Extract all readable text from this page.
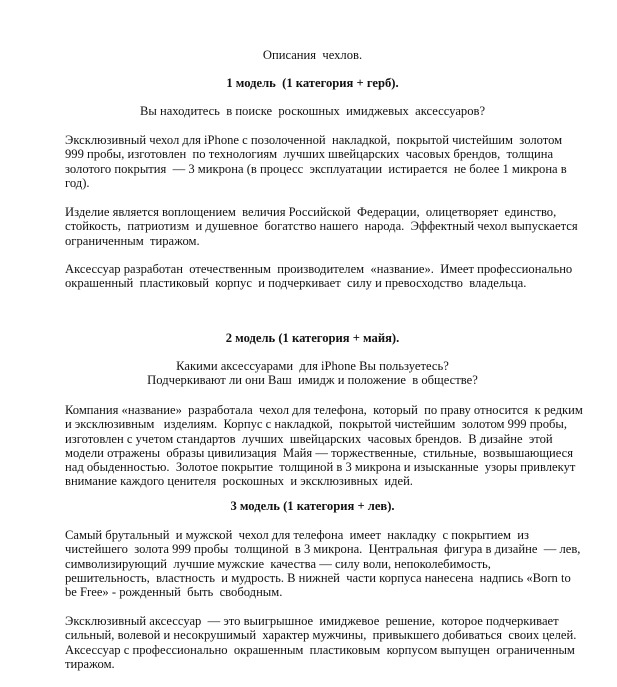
Описания  чехлов.
1 модель  (1 категория + герб).
Вы находитесь  в поиске  роскошных  имиджевых  аксессуаров?
Эксклюзивный чехол для iPhone с позолоченной  накладкой,  покрытой чистейшим  золотом
999 пробы, изготовлен  по технологиям  лучших швейцарских  часовых брендов,  толщина
золотого покрытия  — 3 микрона (в процесс  эксплуатации  истирается  не более 1 микрона в
год).
Изделие является воплощением  величия Российской  Федерации,  олицетворяет  единство,
стойкость,  патриотизм  и душевное  богатство нашего  народа.  Эффектный чехол выпускается
ограниченным  тиражом.
Аксессуар разработан  отечественным  производителем  «название».  Имеет профессионально
окрашенный  пластиковый  корпус  и подчеркивает  силу и превосходство  владельца.
2 модель (1 категория + майя).
Какими аксессуарами  для iPhone Вы пользуетесь?
Подчеркивают ли они Ваш  имидж и положение  в обществе?
Компания «название»  разработала  чехол для телефона,  который  по праву относится  к редким
и эксклюзивным   изделиям.  Корпус с накладкой,  покрытой чистейшим  золотом 999 пробы,
изготовлен с учетом стандартов  лучших  швейцарских  часовых брендов.  В дизайне  этой
модели отражены  образы цивилизация  Майя — торжественные,  стильные,  возвышающиеся
над обыденностью.  Золотое покрытие  толщиной в 3 микрона и изысканные  узоры привлекут
внимание каждого ценителя  роскошных  и эксклюзивных  идей.
3 модель (1 категория + лев).
Самый брутальный  и мужской  чехол для телефона  имеет  накладку  с покрытием  из
чистейшего  золота 999 пробы  толщиной  в 3 микрона.  Центральная  фигура в дизайне  — лев,
символизирующий  лучшие мужские  качества — силу воли, непоколебимость,
решительность,  властность  и мудрость. В нижней  части корпуса нанесена  надпись «Born to
be Free» - рожденный  быть  свободным.
Эксклюзивный аксессуар  — это выигрышное  имиджевое  решение,  которое подчеркивает
сильный, волевой и несокрушимый  характер мужчины,  привыкшего добиваться  своих целей.
Аксессуар с профессионально  окрашенным  пластиковым  корпусом выпущен  ограниченным
тиражом.
